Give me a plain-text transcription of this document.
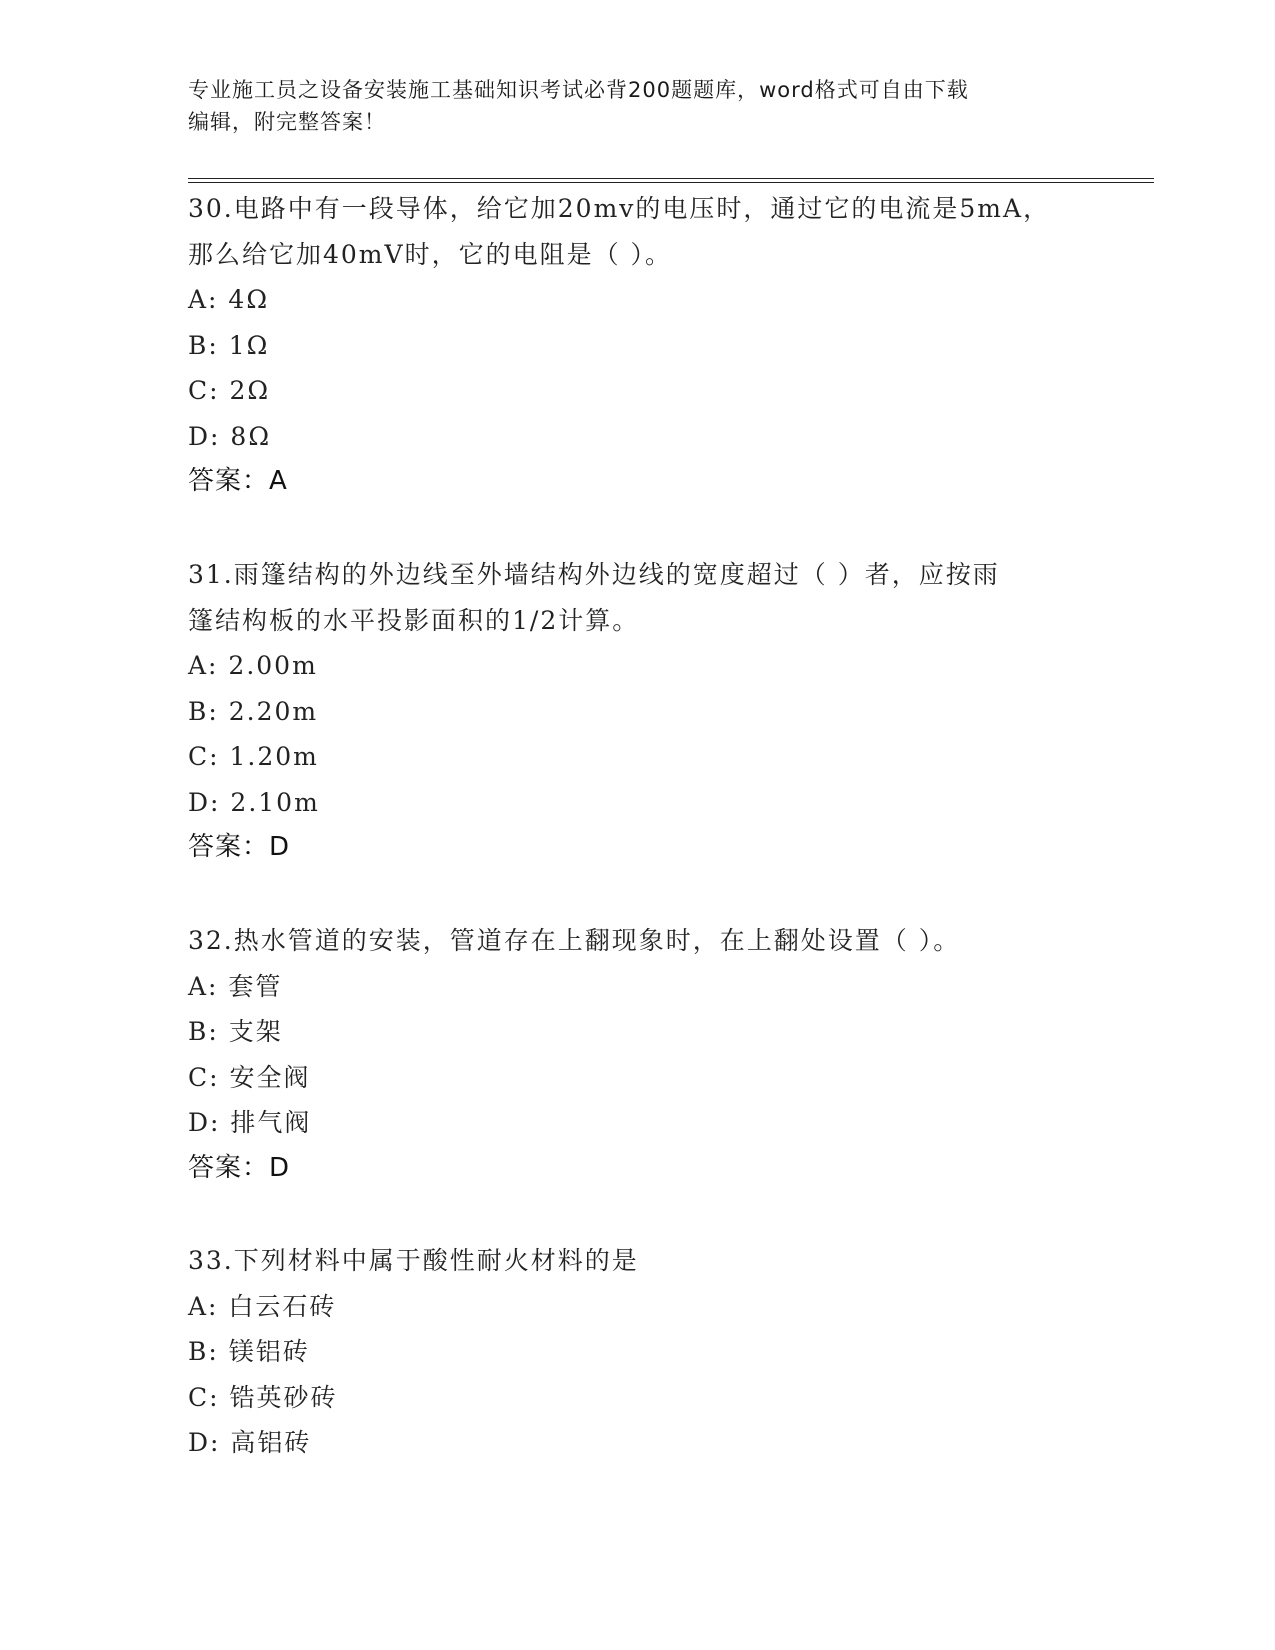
专业施工员之设备安装施工基础知识考试必背200题题库，word格式可自由下载
编辑，附完整答案！
30.电路中有一段导体，给它加20mv的电压时，通过它的电流是5mA，
那么给它加40mV时，它的电阻是（ ）。
A: 4Ω
B: 1Ω
C: 2Ω
D: 8Ω
答案：A
31.雨篷结构的外边线至外墙结构外边线的宽度超过（ ）者，应按雨
篷结构板的水平投影面积的1/2计算。
A: 2.00m
B: 2.20m
C: 1.20m
D: 2.10m
答案：D
32.热水管道的安装，管道存在上翻现象时，在上翻处设置（ ）。
A: 套管
B: 支架
C: 安全阀
D: 排气阀
答案：D
33.下列材料中属于酸性耐火材料的是
A: 白云石砖
B: 镁铝砖
C: 锆英砂砖
D: 高铝砖
